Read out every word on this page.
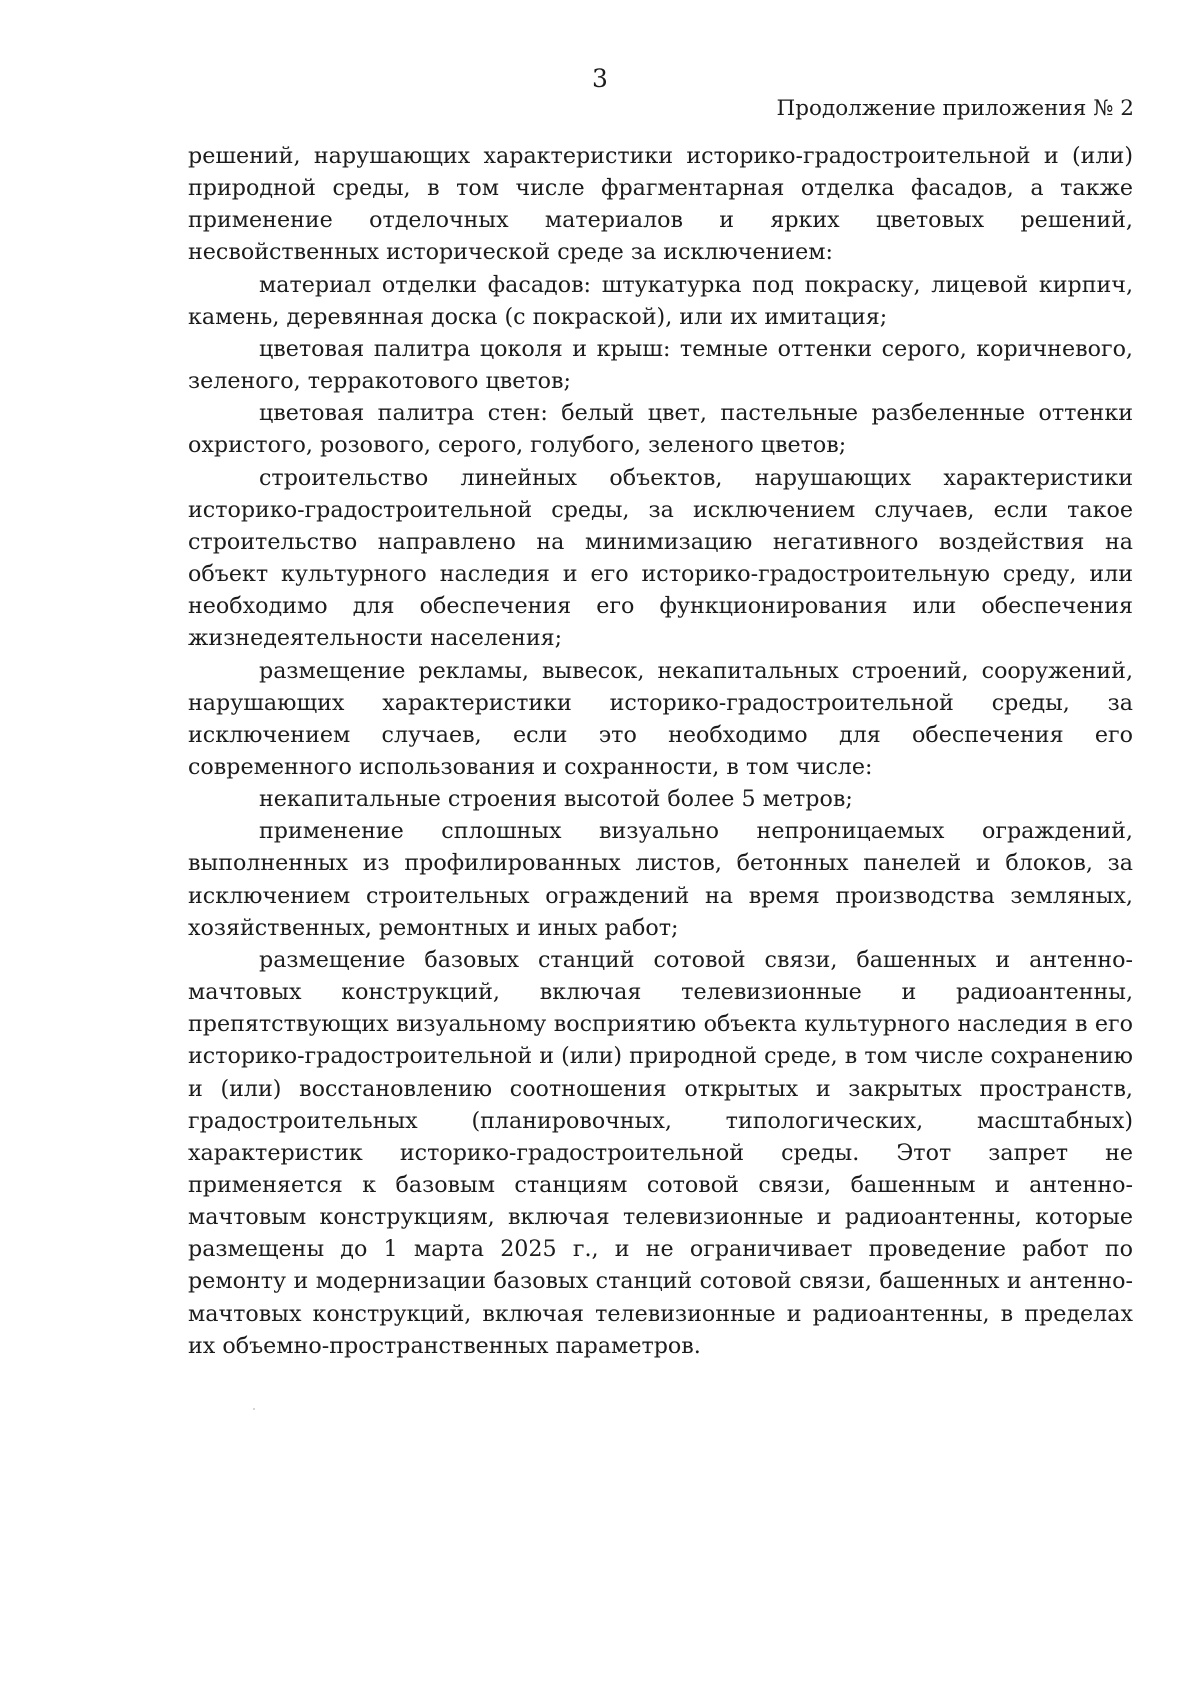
3
Продолжение приложения № 2

решений, нарушающих характеристики историко-градостроительной и (или) природной среды, в том числе фрагментарная отделка фасадов, а также применение отделочных материалов и ярких цветовых решений, несвойственных исторической среде за исключением:

материал отделки фасадов: штукатурка под покраску, лицевой кирпич, камень, деревянная доска (с покраской), или их имитация;

цветовая палитра цоколя и крыш: темные оттенки серого, коричневого, зеленого, терракотового цветов;

цветовая палитра стен: белый цвет, пастельные разбеленные оттенки охристого, розового, серого, голубого, зеленого цветов;

строительство линейных объектов, нарушающих характеристики историко-градостроительной среды, за исключением случаев, если такое строительство направлено на минимизацию негативного воздействия на объект культурного наследия и его историко-градостроительную среду, или необходимо для обеспечения его функционирования или обеспечения жизнедеятельности населения;

размещение рекламы, вывесок, некапитальных строений, сооружений, нарушающих характеристики историко-градостроительной среды, за исключением случаев, если это необходимо для обеспечения его современного использования и сохранности, в том числе:

некапитальные строения высотой более 5 метров;

применение сплошных визуально непроницаемых ограждений, выполненных из профилированных листов, бетонных панелей и блоков, за исключением строительных ограждений на время производства земляных, хозяйственных, ремонтных и иных работ;

размещение базовых станций сотовой связи, башенных и антенно-мачтовых конструкций, включая телевизионные и радиоантенны, препятствующих визуальному восприятию объекта культурного наследия в его историко-градостроительной и (или) природной среде, в том числе сохранению и (или) восстановлению соотношения открытых и закрытых пространств, градостроительных (планировочных, типологических, масштабных) характеристик историко-градостроительной среды. Этот запрет не применяется к базовым станциям сотовой связи, башенным и антенно-мачтовым конструкциям, включая телевизионные и радиоантенны, которые размещены до 1 марта 2025 г., и не ограничивает проведение работ по ремонту и модернизации базовых станций сотовой связи, башенных и антенно-мачтовых конструкций, включая телевизионные и радиоантенны, в пределах их объемно-пространственных параметров.
